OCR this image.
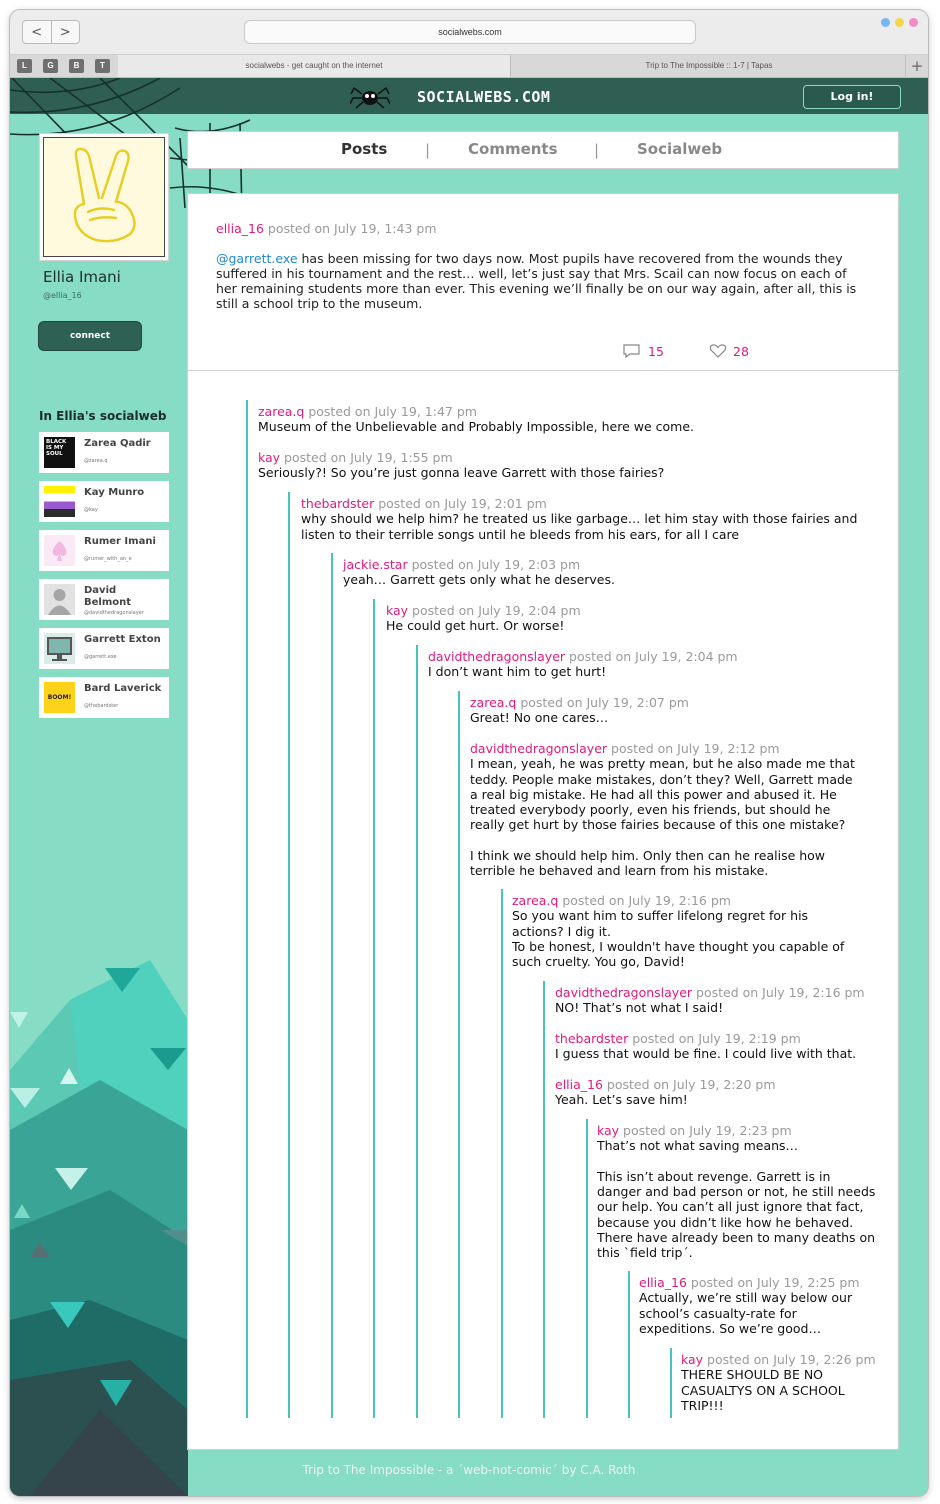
<	>	socialwebs.com
L	G	B	T	socialwebs - get caught on the internet	Trip to The Impossible :: 1-7 | Tapas	+
SOCIALWEBS.COM	Log in!
Ellia Imani
@ellia_16
connect
In Ellia's socialweb
BLACK IS MY SOUL
Zarea Qadir
@zarea.q
Kay Munro
@kay
Rumer Imani
@rumer_with_an_e
David Belmont
@davidthedragonslayer
Garrett Exton
@garrett.exe
BOOM!
Bard Laverick
@thebardster
Posts	|	Comments |	Socialweb
ellia_16 posted on July 19, 1:43 pm
@garrett.exe has been missing for two days now. Most pupils have recovered from the wounds they suffered in his tournament and the rest… well, let’s just say that Mrs. Scail can now focus on each of her remaining students more than ever. This evening we’ll finally be on our way again, after all, this is still a school trip to the museum.
15	28
zarea.q posted on July 19, 1:47 pm
Museum of the Unbelievable and Probably Impossible, here we come.
kay posted on July 19, 1:55 pm
Seriously?! So you’re just gonna leave Garrett with those fairies?
thebardster posted on July 19, 2:01 pm
why should we help him? he treated us like garbage… let him stay with those fairies and listen to their terrible songs until he bleeds from his ears, for all I care
jackie.star posted on July 19, 2:03 pm
yeah… Garrett gets only what he deserves.
kay posted on July 19, 2:04 pm
He could get hurt. Or worse!
davidthedragonslayer posted on July 19, 2:04 pm
I don’t want him to get hurt!
zarea.q posted on July 19, 2:07 pm
Great! No one cares…
davidthedragonslayer posted on July 19, 2:12 pm
I mean, yeah, he was pretty mean, but he also made me that teddy. People make mistakes, don’t they? Well, Garrett made a real big mistake. He had all this power and abused it. He treated everybody poorly, even his friends, but should he really get hurt by those fairies because of this one mistake?

I think we should help him. Only then can he realise how terrible he behaved and learn from his mistake.
zarea.q posted on July 19, 2:16 pm
So you want him to suffer lifelong regret for his actions? I dig it.
To be honest, I wouldn't have thought you capable of such cruelty. You go, David!
davidthedragonslayer posted on July 19, 2:16 pm
NO! That’s not what I said!
thebardster posted on July 19, 2:19 pm
I guess that would be fine. I could live with that.
ellia_16 posted on July 19, 2:20 pm
Yeah. Let’s save him!
kay posted on July 19, 2:23 pm
That’s not what saving means…

This isn’t about revenge. Garrett is in danger and bad person or not, he still needs our help. You can’t all just ignore that fact, because you didn’t like how he behaved. There have already been to many deaths on this `field trip´.
ellia_16 posted on July 19, 2:25 pm
Actually, we’re still way below our school’s casualty-rate for expeditions. So we’re good…
kay posted on July 19, 2:26 pm
THERE SHOULD BE NO CASUALTYS ON A SCHOOL TRIP!!!
Trip to The Impossible - a ´web-not-comic´ by C.A. Roth
